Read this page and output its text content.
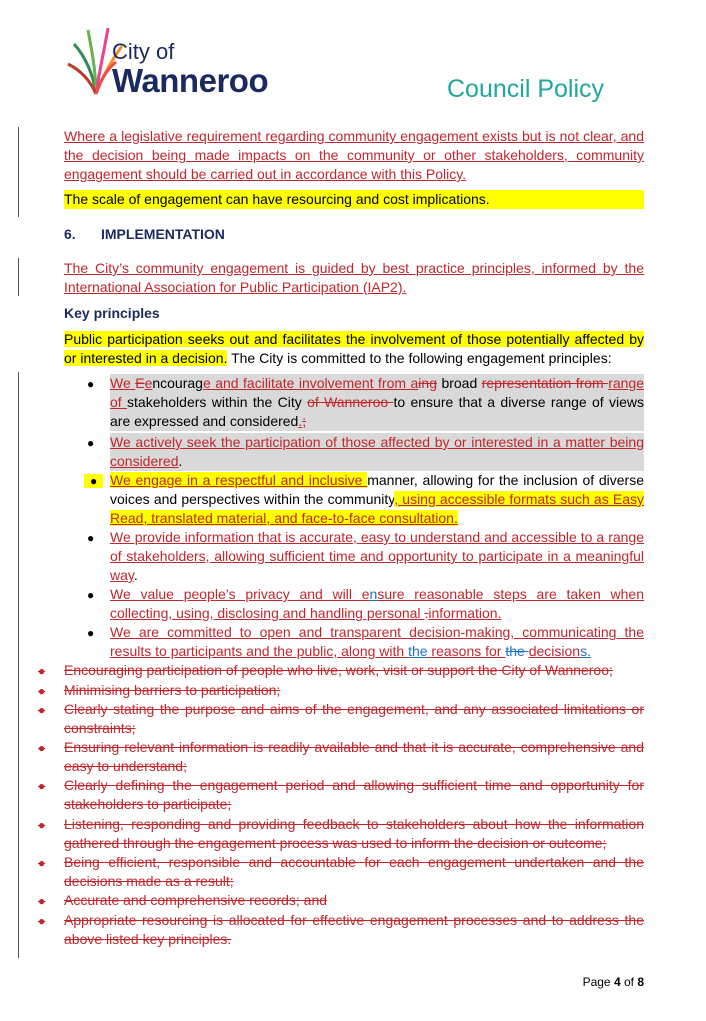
City of
Wanneroo	Council Policy
Where a legislative requirement regarding community engagement exists but is not clear, and the decision being made impacts on the community or other stakeholders, community engagement should be carried out in accordance with this Policy.
The scale of engagement can have resourcing and cost implications.
6. IMPLEMENTATION
The City’s community engagement is guided by best practice principles, informed by the International Association for Public Participation (IAP2).
Key principles
Public participation seeks out and facilitates the involvement of those potentially affected by or interested in a decision. The City is committed to the following engagement principles:
● We Eencourage and facilitate involvement from aing broad representation from range of stakeholders within the City of Wanneroo to ensure that a diverse range of views are expressed and considered.;
● We actively seek the participation of those affected by or interested in a matter being considered.
● We engage in a respectful and inclusive manner, allowing for the inclusion of diverse voices and perspectives within the community, using accessible formats such as Easy Read, translated material, and face-to-face consultation.
● We provide information that is accurate, easy to understand and accessible to a range of stakeholders, allowing sufficient time and opportunity to participate in a meaningful way.
● We value people’s privacy and will ensure reasonable steps are taken when collecting, using, disclosing and handling personal .information.
● We are committed to open and transparent decision-making, communicating the results to participants and the public, along with the reasons for the decisions.
● Encouraging participation of people who live, work, visit or support the City of Wanneroo;
● Minimising barriers to participation;
● Clearly stating the purpose and aims of the engagement, and any associated limitations or constraints;
● Ensuring relevant information is readily available and that it is accurate, comprehensive and easy to understand;
● Clearly defining the engagement period and allowing sufficient time and opportunity for stakeholders to participate;
● Listening, responding and providing feedback to stakeholders about how the information gathered through the engagement process was used to inform the decision or outcome;
● Being efficient, responsible and accountable for each engagement undertaken and the decisions made as a result;
● Accurate and comprehensive records; and
● Appropriate resourcing is allocated for effective engagement processes and to address the above listed key principles.
Page 4 of 8
